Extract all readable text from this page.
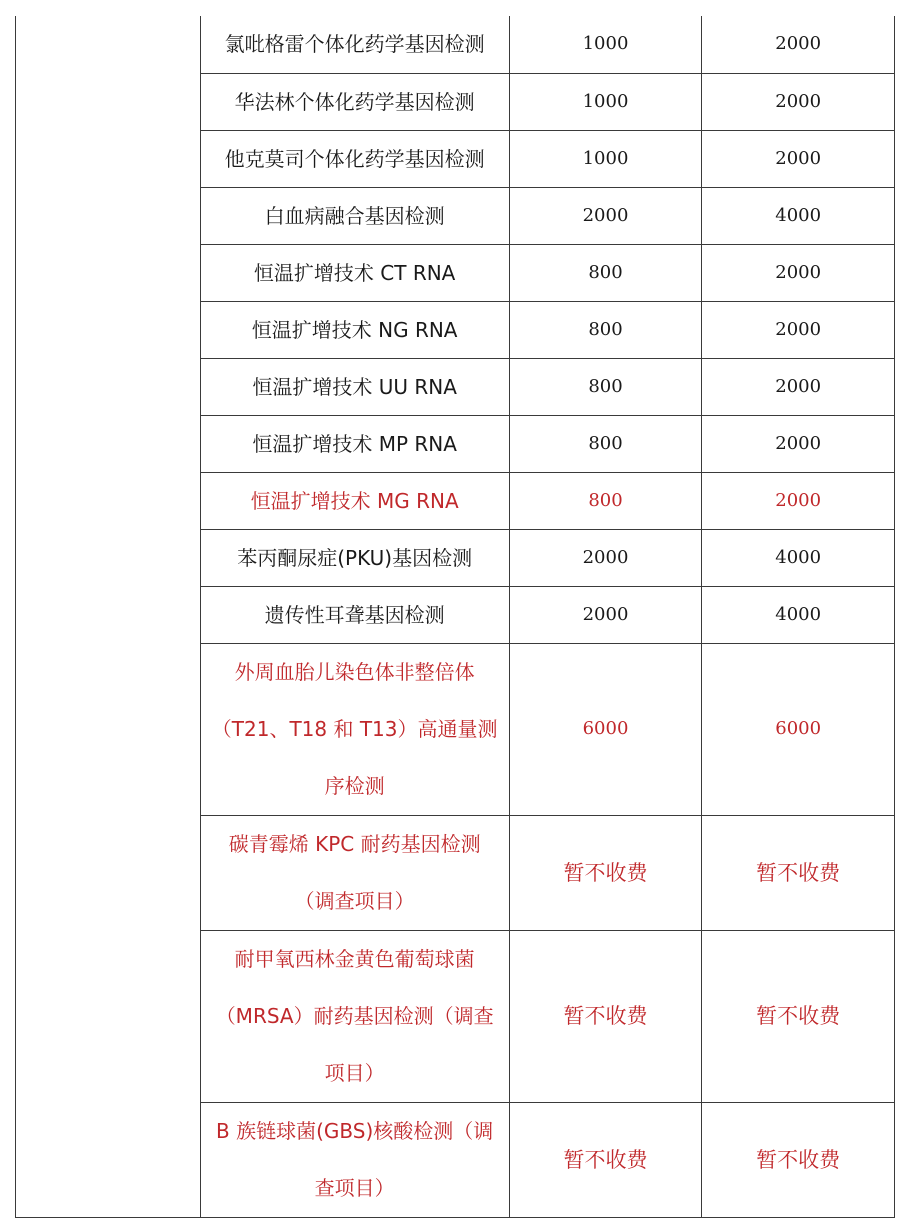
	氯吡格雷个体化药学基因检测	1000	2000
	华法林个体化药学基因检测	1000	2000
	他克莫司个体化药学基因检测	1000	2000
	白血病融合基因检测	2000	4000
	恒温扩增技术 CT RNA	800	2000
	恒温扩增技术 NG RNA	800	2000
	恒温扩增技术 UU RNA	800	2000
	恒温扩增技术 MP RNA	800	2000
	恒温扩增技术 MG RNA	800	2000
	苯丙酮尿症(PKU)基因检测	2000	4000
	遗传性耳聋基因检测	2000	4000
	外周血胎儿染色体非整倍体（T21、T18 和 T13）高通量测序检测	6000	6000
	碳青霉烯 KPC 耐药基因检测（调查项目）	暂不收费	暂不收费
	耐甲氧西林金黄色葡萄球菌（MRSA）耐药基因检测（调查项目）	暂不收费	暂不收费
	B 族链球菌(GBS)核酸检测（调查项目）	暂不收费	暂不收费
